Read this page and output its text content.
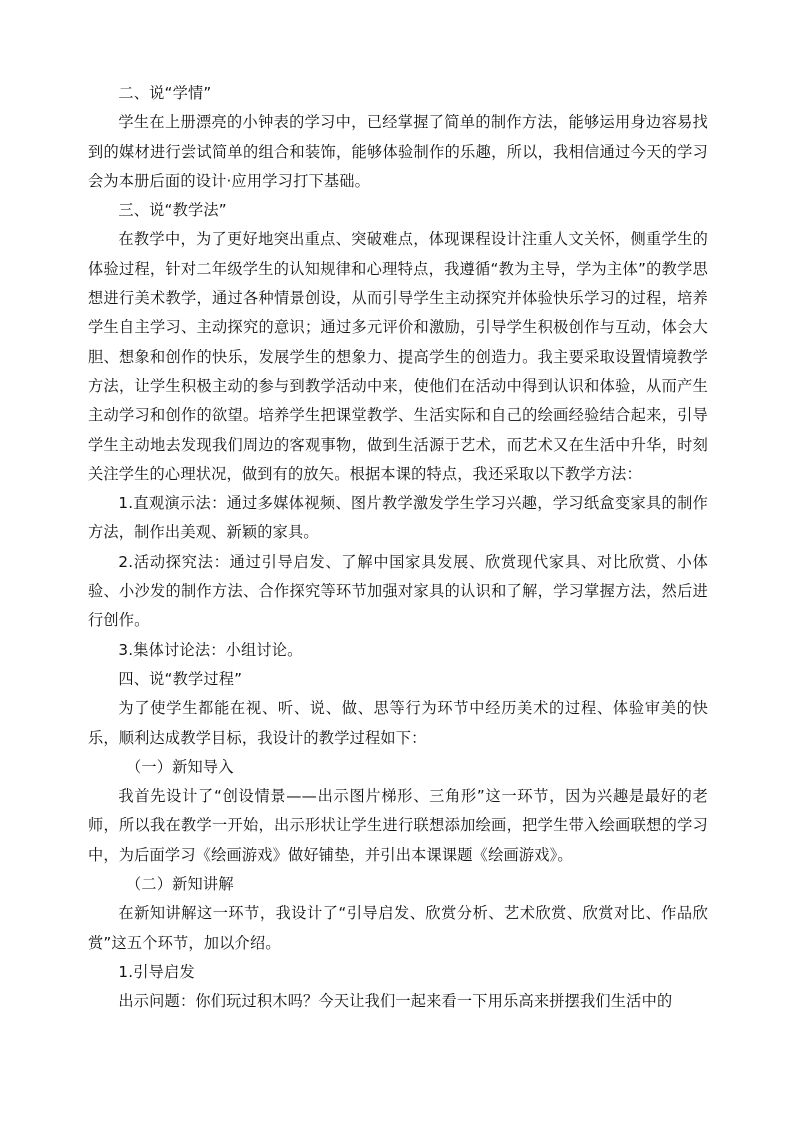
二、说“学情”

学生在上册漂亮的小钟表的学习中，已经掌握了简单的制作方法，能够运用身边容易找到的媒材进行尝试简单的组合和装饰，能够体验制作的乐趣，所以，我相信通过今天的学习会为本册后面的设计·应用学习打下基础。

三、说“教学法”

在教学中，为了更好地突出重点、突破难点，体现课程设计注重人文关怀，侧重学生的体验过程，针对二年级学生的认知规律和心理特点，我遵循“教为主导，学为主体”的教学思想进行美术教学，通过各种情景创设，从而引导学生主动探究并体验快乐学习的过程，培养学生自主学习、主动探究的意识；通过多元评价和激励，引导学生积极创作与互动，体会大胆、想象和创作的快乐，发展学生的想象力、提高学生的创造力。我主要采取设置情境教学方法，让学生积极主动的参与到教学活动中来，使他们在活动中得到认识和体验，从而产生主动学习和创作的欲望。培养学生把课堂教学、生活实际和自己的绘画经验结合起来，引导学生主动地去发现我们周边的客观事物，做到生活源于艺术，而艺术又在生活中升华，时刻关注学生的心理状况，做到有的放矢。根据本课的特点，我还采取以下教学方法：

1.直观演示法：通过多媒体视频、图片教学激发学生学习兴趣，学习纸盒变家具的制作方法，制作出美观、新颖的家具。

2.活动探究法：通过引导启发、了解中国家具发展、欣赏现代家具、对比欣赏、小体验、小沙发的制作方法、合作探究等环节加强对家具的认识和了解，学习掌握方法，然后进行创作。

3.集体讨论法：小组讨论。

四、说“教学过程”

为了使学生都能在视、听、说、做、思等行为环节中经历美术的过程、体验审美的快乐，顺利达成教学目标，我设计的教学过程如下：

（一）新知导入

我首先设计了“创设情景——出示图片梯形、三角形”这一环节，因为兴趣是最好的老师，所以我在教学一开始，出示形状让学生进行联想添加绘画，把学生带入绘画联想的学习中，为后面学习《绘画游戏》做好铺垫，并引出本课课题《绘画游戏》。

（二）新知讲解

在新知讲解这一环节，我设计了“引导启发、欣赏分析、艺术欣赏、欣赏对比、作品欣赏”这五个环节，加以介绍。

1.引导启发

出示问题：你们玩过积木吗？今天让我们一起来看一下用乐高来拼摆我们生活中的
